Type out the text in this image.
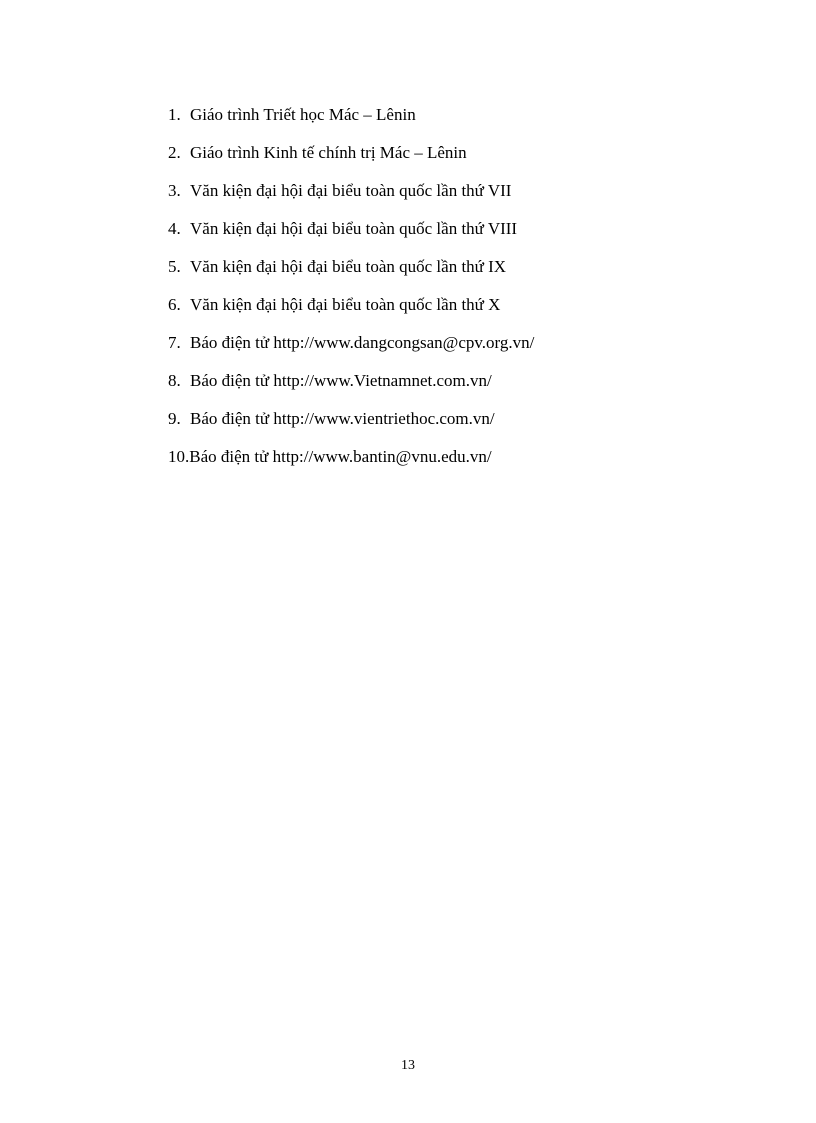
1. Giáo trình Triết học Mác – Lênin
2. Giáo trình Kinh tế chính trị Mác – Lênin
3. Văn kiện đại hội đại biểu toàn quốc lần thứ VII
4. Văn kiện đại hội đại biểu toàn quốc lần thứ VIII
5. Văn kiện đại hội đại biểu toàn quốc lần thứ IX
6. Văn kiện đại hội đại biểu toàn quốc lần thứ X
7. Báo điện tử http://www.dangcongsan@cpv.org.vn/
8. Báo điện tử http://www.Vietnamnet.com.vn/
9. Báo điện tử http://www.vientriethoc.com.vn/
10. Báo điện tử http://www.bantin@vnu.edu.vn/
13
